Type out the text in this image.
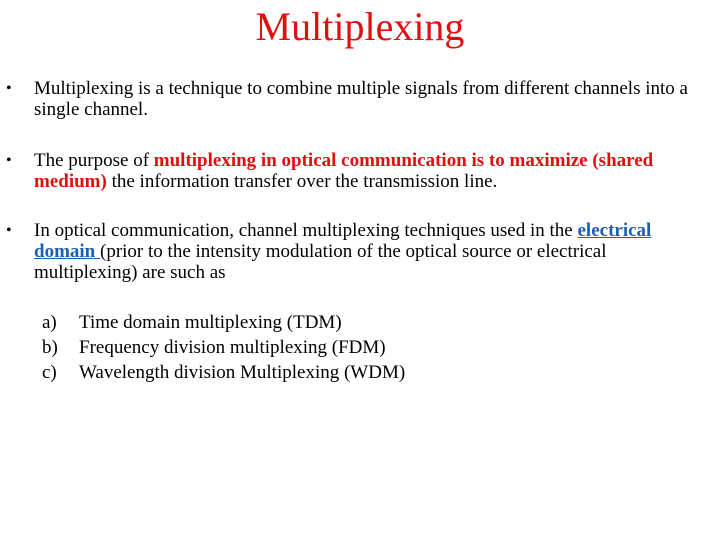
Multiplexing
•	Multiplexing is a technique to combine multiple signals from different channels into a single channel.
•	The purpose of multiplexing in optical communication is to maximize (shared medium) the information transfer over the transmission line.
•	In optical communication, channel multiplexing techniques used in the electrical domain (prior to the intensity modulation of the optical source or electrical multiplexing) are such as
a)	Time domain multiplexing (TDM)
b)	Frequency division multiplexing (FDM)
c)	Wavelength division Multiplexing (WDM)
